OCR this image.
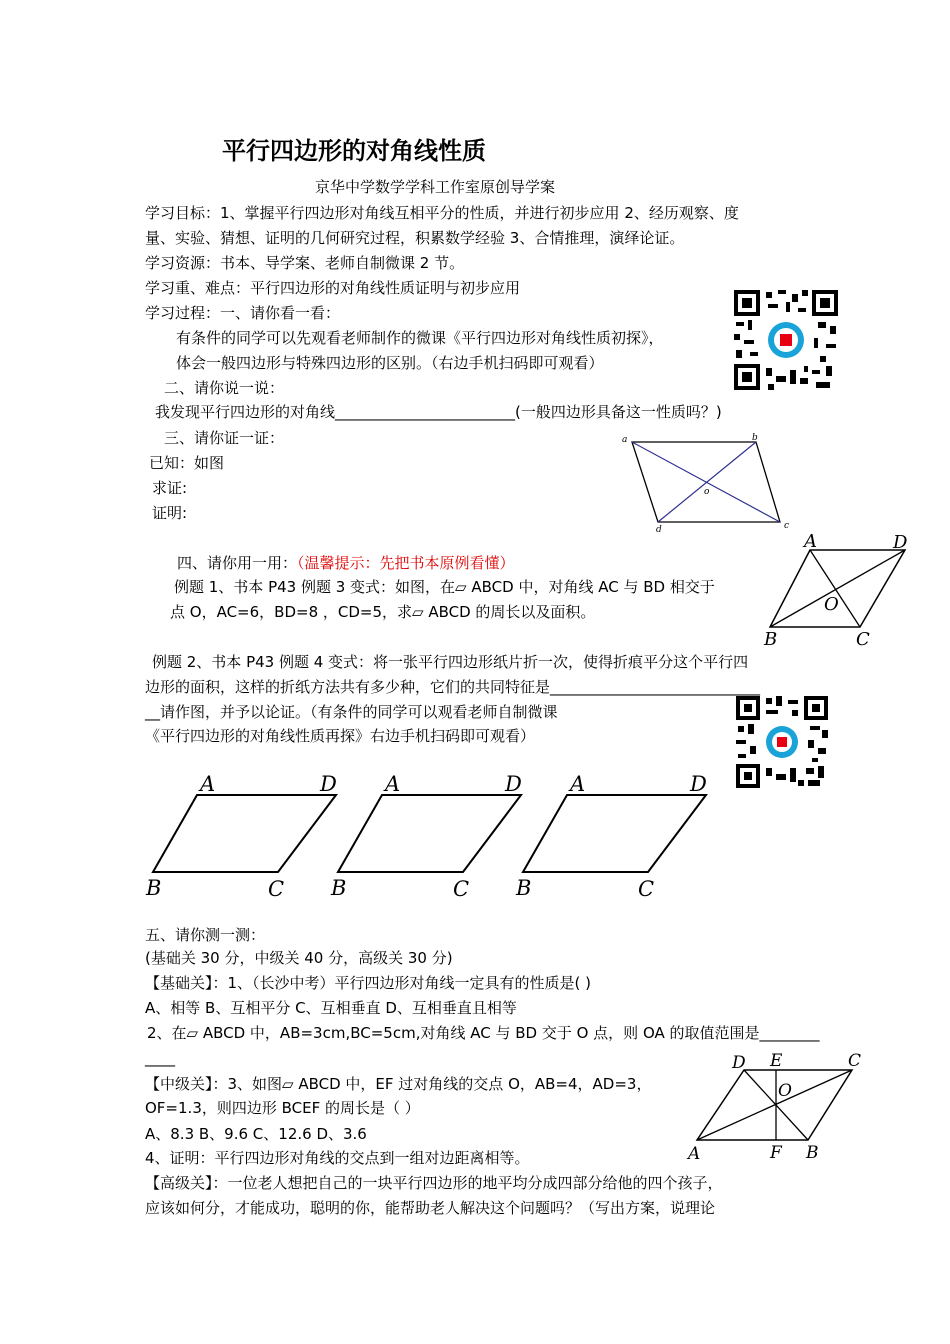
平行四边形的对角线性质
京华中学数学学科工作室原创导学案
学习目标：1、掌握平行四边形对角线互相平分的性质，并进行初步应用 2、经历观察、度
量、实验、猜想、证明的几何研究过程，积累数学经验 3、合情推理，演绎论证。
学习资源：书本、导学案、老师自制微课 2 节。
学习重、难点：平行四边形的对角线性质证明与初步应用
学习过程：一、请你看一看：
有条件的同学可以先观看老师制作的微课《平行四边形对角线性质初探》，
体会一般四边形与特殊四边形的区别。（右边手机扫码即可观看）
二、请你说一说：
我发现平行四边形的对角线________________________(一般四边形具备这一性质吗？)
三、请你证一证：
已知：如图
求证:
证明:
a	b
c
d
o
四、请你用一用：（温馨提示：先把书本原例看懂）
例题 1、书本 P43 例题 3 变式：如图，在▱ ABCD 中，对角线 AC 与 BD 相交于
点 O，AC=6，BD=8 ，CD=5，求▱ ABCD 的周长以及面积。
A	D
B	C
O
例题 2、书本 P43 例题 4 变式：将一张平行四边形纸片折一次，使得折痕平分这个平行四
边形的面积，这样的折纸方法共有多少种，它们的共同特征是____________________________
__请作图，并予以论证。（有条件的同学可以观看老师自制微课
《平行四边形的对角线性质再探》右边手机扫码即可观看）
A	D
B	C
A	D
B	C
A	D
B	C
五、请你测一测：
(基础关 30 分，中级关 40 分，高级关 30 分)
【基础关】：1、（长沙中考）平行四边形对角线一定具有的性质是( )
A、相等 B、互相平分 C、互相垂直 D、互相垂直且相等
2、在▱ ABCD 中，AB=3cm,BC=5cm,对角线 AC 与 BD 交于 O 点，则 OA 的取值范围是________
____
【中级关】：3、如图▱ ABCD 中，EF 过对角线的交点 O，AB=4，AD=3，
OF=1.3，则四边形 BCEF 的周长是（ ）
A、8.3 B、9.6 C、12.6 D、3.6
4、证明：平行四边形对角线的交点到一组对边距离相等。
【高级关】：一位老人想把自己的一块平行四边形的地平均分成四部分给他的四个孩子，
应该如何分，才能成功，聪明的你，能帮助老人解决这个问题吗？（写出方案，说理论
D E	C
O
A	F B
